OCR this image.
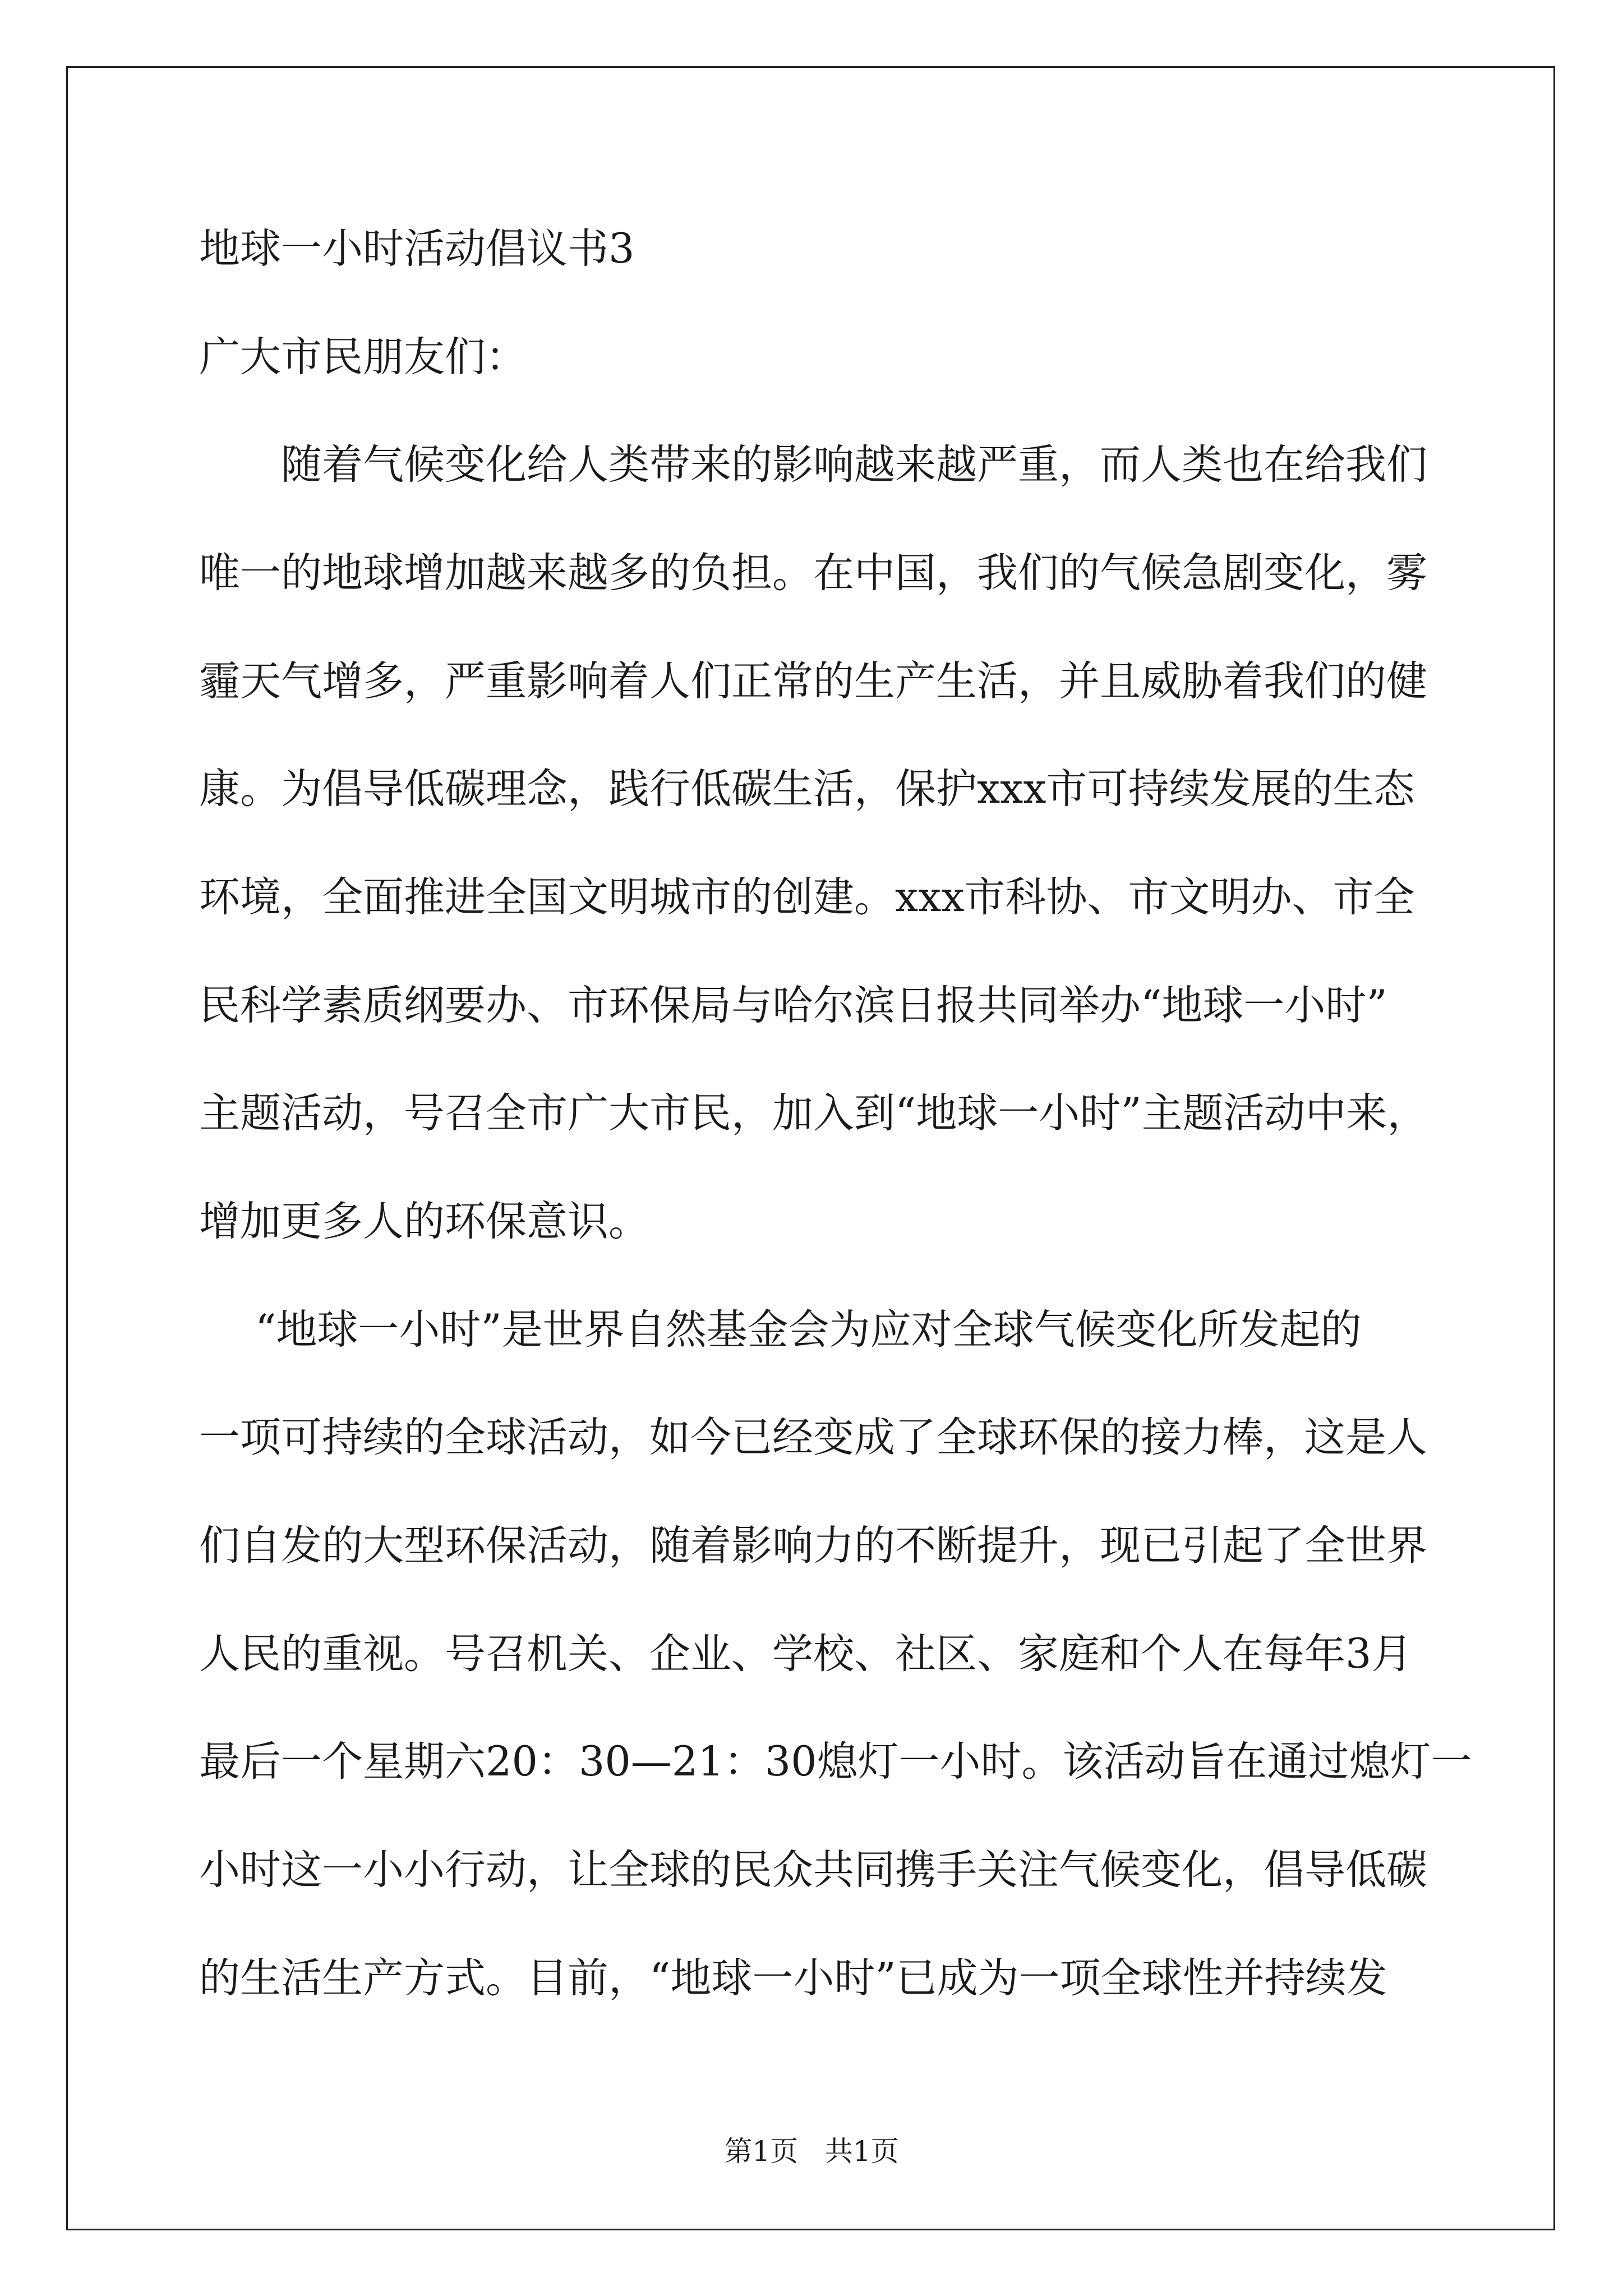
地球一小时活动倡议书3
广大市民朋友们：
随着气候变化给人类带来的影响越来越严重，而人类也在给我们
唯一的地球增加越来越多的负担。在中国，我们的气候急剧变化，雾
霾天气增多，严重影响着人们正常的生产生活，并且威胁着我们的健
康。为倡导低碳理念，践行低碳生活，保护xxx市可持续发展的生态
环境，全面推进全国文明城市的创建。xxx市科协、市文明办、市全
民科学素质纲要办、市环保局与哈尔滨日报共同举办“地球一小时”
主题活动，号召全市广大市民，加入到“地球一小时”主题活动中来，
增加更多人的环保意识。
“地球一小时”是世界自然基金会为应对全球气候变化所发起的
一项可持续的全球活动，如今已经变成了全球环保的接力棒，这是人
们自发的大型环保活动，随着影响力的不断提升，现已引起了全世界
人民的重视。号召机关、企业、学校、社区、家庭和个人在每年3月
最后一个星期六20：30—21：30熄灯一小时。该活动旨在通过熄灯一
小时这一小小行动，让全球的民众共同携手关注气候变化，倡导低碳
的生活生产方式。目前，“地球一小时”已成为一项全球性并持续发
第1页   共1页
